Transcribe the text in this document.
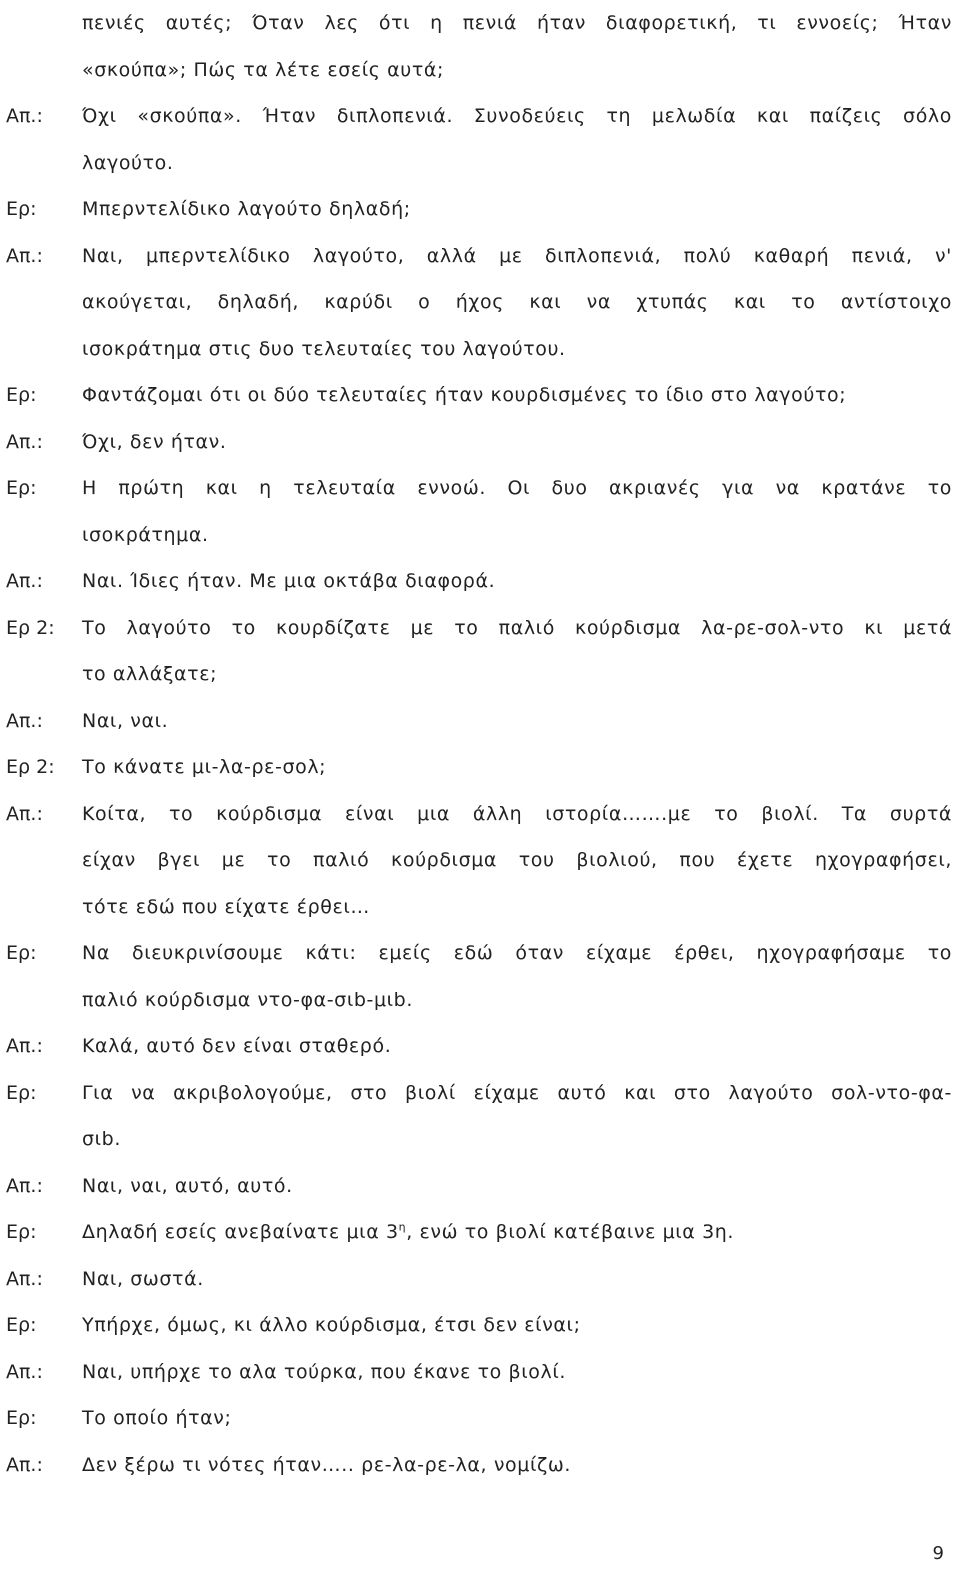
πενιές αυτές; Όταν λες ότι η πενιά ήταν διαφορετική, τι εννοείς; Ήταν
«σκούπα»; Πώς τα λέτε εσείς αυτά;
Απ.: Όχι «σκούπα». Ήταν διπλοπενιά. Συνοδεύεις τη μελωδία και παίζεις σόλο
λαγούτο.
Ερ: Μπερντελίδικο λαγούτο δηλαδή;
Απ.: Ναι, μπερντελίδικο λαγούτο, αλλά με διπλοπενιά, πολύ καθαρή πενιά, ν'
ακούγεται, δηλαδή, καρύδι ο ήχος και να χτυπάς και το αντίστοιχο
ισοκράτημα στις δυο τελευταίες του λαγούτου.
Ερ: Φαντάζομαι ότι οι δύο τελευταίες ήταν κουρδισμένες το ίδιο στο λαγούτο;
Απ.: Όχι, δεν ήταν.
Ερ: Η πρώτη και η τελευταία εννοώ. Οι δυο ακριανές για να κρατάνε το
ισοκράτημα.
Απ.: Ναι. Ίδιες ήταν. Με μια οκτάβα διαφορά.
Ερ 2: Το λαγούτο το κουρδίζατε με το παλιό κούρδισμα λα-ρε-σολ-ντο κι μετά
το αλλάξατε;
Απ.: Ναι, ναι.
Ερ 2: Το κάνατε μι-λα-ρε-σολ;
Απ.: Κοίτα, το κούρδισμα είναι μια άλλη ιστορία…….με το βιολί. Τα συρτά
είχαν βγει με το παλιό κούρδισμα του βιολιού, που έχετε ηχογραφήσει,
τότε εδώ που είχατε έρθει…
Ερ: Να διευκρινίσουμε κάτι: εμείς εδώ όταν είχαμε έρθει, ηχογραφήσαμε το
παλιό κούρδισμα ντο-φα-σιb-μιb.
Απ.: Καλά, αυτό δεν είναι σταθερό.
Ερ: Για να ακριβολογούμε, στο βιολί είχαμε αυτό και στο λαγούτο σολ-ντο-φα-
σιb.
Απ.: Ναι, ναι, αυτό, αυτό.
Ερ: Δηλαδή εσείς ανεβαίνατε μια $3^\eta$, ενώ το βιολί κατέβαινε μια 3η.
Απ.: Ναι, σωστά.
Ερ: Υπήρχε, όμως, κι άλλο κούρδισμα, έτσι δεν είναι;
Απ.: Ναι, υπήρχε το αλα τούρκα, που έκανε το βιολί.
Ερ: Το οποίο ήταν;
Απ.: Δεν ξέρω τι νότες ήταν….. ρε-λα-ρε-λα, νομίζω.
9
